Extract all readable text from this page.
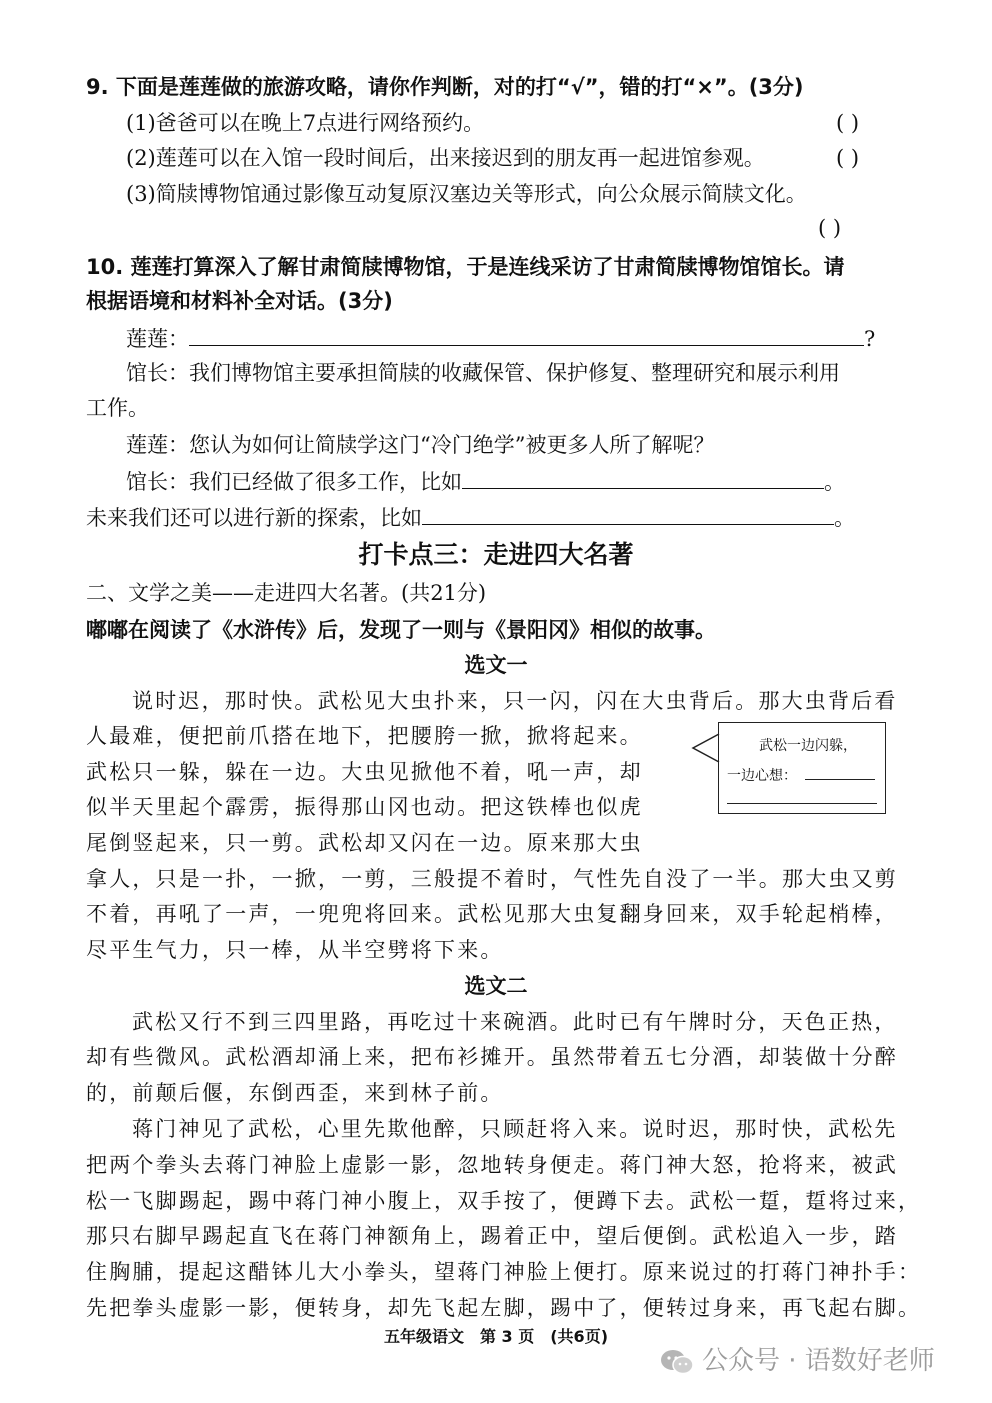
9. 下面是莲莲做的旅游攻略，请你作判断，对的打“√”，错的打“×”。(3分)
(1)爸爸可以在晚上7点进行网络预约。	( )
(2)莲莲可以在入馆一段时间后，出来接迟到的朋友再一起进馆参观。	( )
(3)简牍博物馆通过影像互动复原汉塞边关等形式，向公众展示简牍文化。
( )
10. 莲莲打算深入了解甘肃简牍博物馆，于是连线采访了甘肃简牍博物馆馆长。请
根据语境和材料补全对话。(3分)
莲莲：	?
馆长：我们博物馆主要承担简牍的收藏保管、保护修复、整理研究和展示利用
工作。
莲莲：您认为如何让简牍学这门“冷门绝学”被更多人所了解呢？
馆长：我们已经做了很多工作，比如	。
未来我们还可以进行新的探索，比如	。
打卡点三：走进四大名著
二、文学之美——走进四大名著。(共21分)
嘟嘟在阅读了《水浒传》后，发现了一则与《景阳冈》相似的故事。
选文一
说时迟，那时快。武松见大虫扑来，只一闪，闪在大虫背后。那大虫背后看
人最难，便把前爪搭在地下，把腰胯一掀，掀将起来。
武松只一躲，躲在一边。大虫见掀他不着，吼一声，却
似半天里起个霹雳，振得那山冈也动。把这铁棒也似虎
尾倒竖起来，只一剪。武松却又闪在一边。原来那大虫
拿人，只是一扑，一掀，一剪，三般提不着时，气性先自没了一半。那大虫又剪
不着，再吼了一声，一兜兜将回来。武松见那大虫复翻身回来，双手轮起梢棒，
尽平生气力，只一棒，从半空劈将下来。
武松一边闪躲，
一边心想：
选文二
武松又行不到三四里路，再吃过十来碗酒。此时已有午牌时分，天色正热，
却有些微风。武松酒却涌上来，把布衫摊开。虽然带着五七分酒，却装做十分醉
的，前颠后偃，东倒西歪，来到林子前。
蒋门神见了武松，心里先欺他醉，只顾赶将入来。说时迟，那时快，武松先
把两个拳头去蒋门神脸上虚影一影，忽地转身便走。蒋门神大怒，抢将来，被武
松一飞脚踢起，踢中蒋门神小腹上，双手按了，便蹲下去。武松一踅，踅将过来，
那只右脚早踢起直飞在蒋门神额角上，踢着正中，望后便倒。武松追入一步，踏
住胸脯，提起这醋钵儿大小拳头，望蒋门神脸上便打。原来说过的打蒋门神扑手：
先把拳头虚影一影，便转身，却先飞起左脚，踢中了，便转过身来，再飞起右脚。
五年级语文　第 3 页　(共6页)
公众号 · 语数好老师
